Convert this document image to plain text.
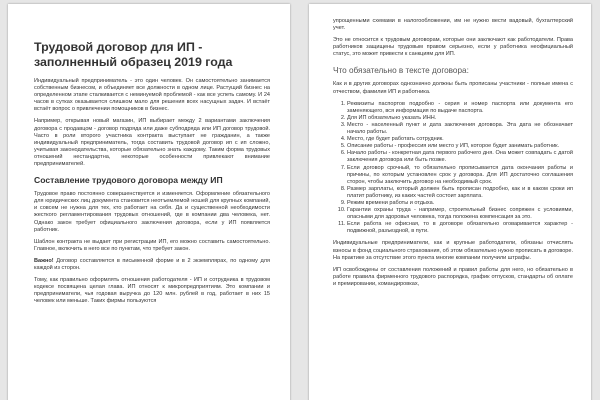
Трудовой договор для ИП - заполненный образец 2019 года

Индивидуальный предприниматель - это один человек. Он самостоятельно занимается собственным бизнесом, и объединяет все должности в одном лице. Растущий бизнес на определенном этапе сталкивается с неминуемой проблемой - как все успеть самому. И 24 часов в сутках оказывается слишком мало для решения всех насущных задач. И встаёт встаёт вопрос о привлечении помощников в бизнес.

Например, открывая новый магазин, ИП выбирает между 2 вариантами заключения договора с продавцом - договор подряда или даже субподряда или ИП договор трудовой. Часто в роли второго участника контракта выступает не гражданин, а также индивидуальный предприниматель, тогда составить трудовой договор ип с ип сложно, учитывая законодательства, которые обязательно знать каждому. Таким форма трудовых отношений нестандартна, некоторые особенности привлекают внимание предпринимателей.

Составление трудового договора между ИП

Трудовое право постоянно совершенствуется и изменяется. Оформление обязательного для юридических лиц документа становится неотъемлемой ношей для крупных компаний, и совсем не нужна для тех, кто работает на себя. Да и существенной необходимости жесткого регламентирования трудовых отношений, где в компании два человека, нет. Однако закон требует официального заключения договора, если у ИП появляется работник.

Шаблон контракта не выдает при регистрации ИП, его можно составить самостоятельно. Главное, включить в него все по пунктам, что требует закон.

Важно! Договор составляется в письменной форме и в 2 экземплярах, по одному для каждой из сторон.

Тому, как правильно оформлять отношения работодателя - ИП и сотрудника в трудовом кодексе посвящена целая глава. ИП относят к микропредприятиям. Это компании и предприниматели, чья годовая выручка до 120 млн. рублей в год, работает в них 15 человек или меньше. Таких фирмы пользуются

упрощенными схемами в налогообложении, им не нужно вести вадовый, бухгалтерский учет.

Это не относится к трудовым договорам, которые они заключают как работодатели. Права работников защищены трудовым правом серьезно, если у работника неофициальный статус, это может привести к санкциям для ИП.

Что обязательно в тексте договора:

Как и в других договорах однозначно должны быть прописаны участники - полные имена с отчеством, фамилия ИП и работника.

1. Реквизиты паспортов подробно - серия и номер паспорта или документа его заменяющего, вся информация по выдаче паспорта.
2. Для ИП обязательно указать ИНН.
3. Место - населенный пункт и дата заключения договора. Эта дата не обозначает начало работы.
4. Место, где будет работать сотрудник.
5. Описание работы - профессия или место у ИП, которое будет занимать работник.
6. Начало работы - конкретная дата первого рабочего дня. Она может совпадать с датой заключения договора или быть позже.
7. Если договор срочный, то обязательно прописывается дата окончания работы и причины, по которым установлен срок у договора. Для ИП достаточно соглашения сторон, чтобы заключить договор на необходимый срок.
8. Размер зарплаты, который должен быть прописан подробно, как и в каком сроки ип платит работнику, из каких частей состоит зарплата.
9. Режим времени работы и отдыха.
10. Гарантии охраны труда - например, строительный бизнес сопряжен с условиями, опасными для здоровья человека, тогда положена компенсация за это.
11. Если работа не офисная, то в договоре обязательно оговаривается характер - подвижной, разъездной, в пути.

Индивидуальные предприниматели, как и крупные работодатели, обязаны отчислять взносы в фонд социального страхования, об этом обязательно нужно прописать в договоре. На практике за отсутствие этого пункта многие компании получили штрафы.

ИП освобождены от составления положений и правил работы для него, но обязательно в работе правила фирменного трудового распорядка, график отпусков, стандарты об оплате и премировании, командировках,
